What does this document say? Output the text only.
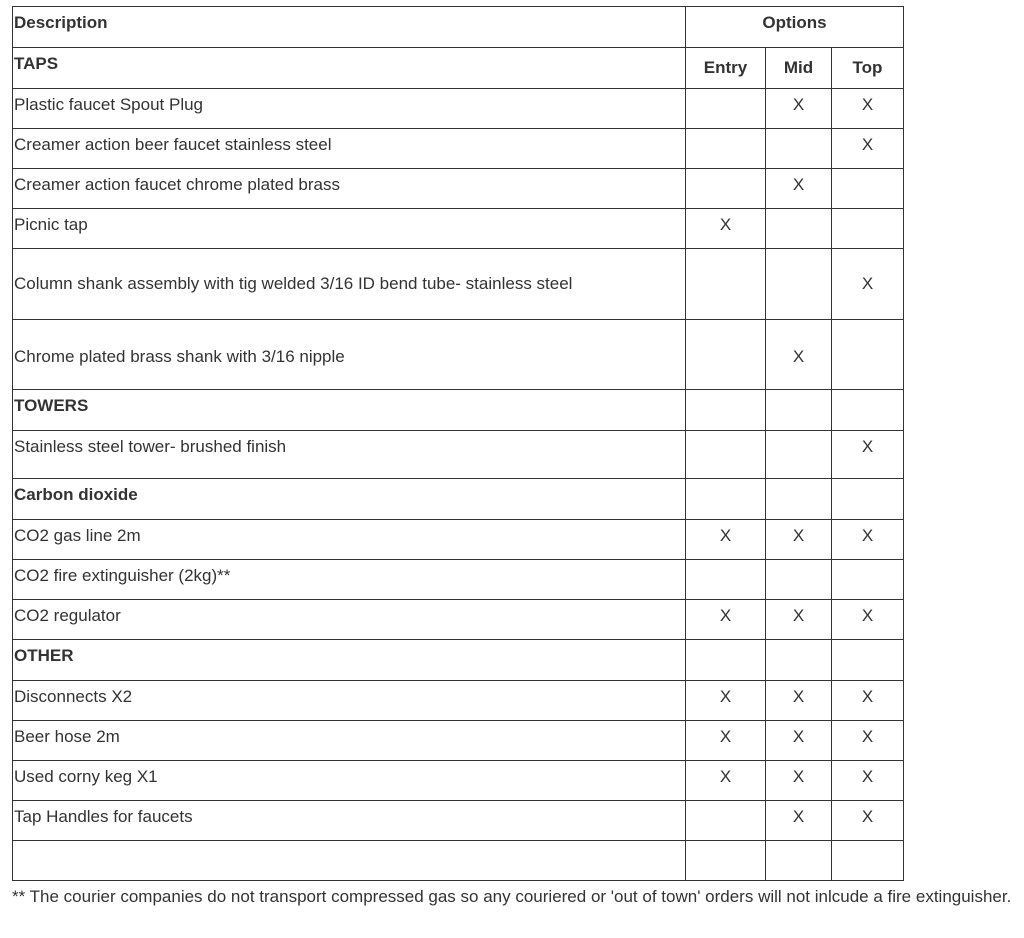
Description	Options		
TAPS	Entry	Mid	Top
Plastic faucet Spout Plug		X	X
Creamer action beer faucet stainless steel			X
Creamer action faucet chrome plated brass		X	
Picnic tap	X		
Column shank assembly with tig welded 3/16 ID bend tube- stainless steel			X
Chrome plated brass shank with 3/16 nipple		X	
TOWERS			
Stainless steel tower- brushed finish			X
Carbon dioxide			
CO2 gas line 2m	X	X	X
CO2 fire extinguisher (2kg)**			
CO2 regulator	X	X	X
OTHER			
Disconnects X2	X	X	X
Beer hose 2m	X	X	X
Used corny keg X1	X	X	X
Tap Handles for faucets		X	X

** The courier companies do not transport compressed gas so any couriered or 'out of town' orders will not inlcude a fire extinguisher.
